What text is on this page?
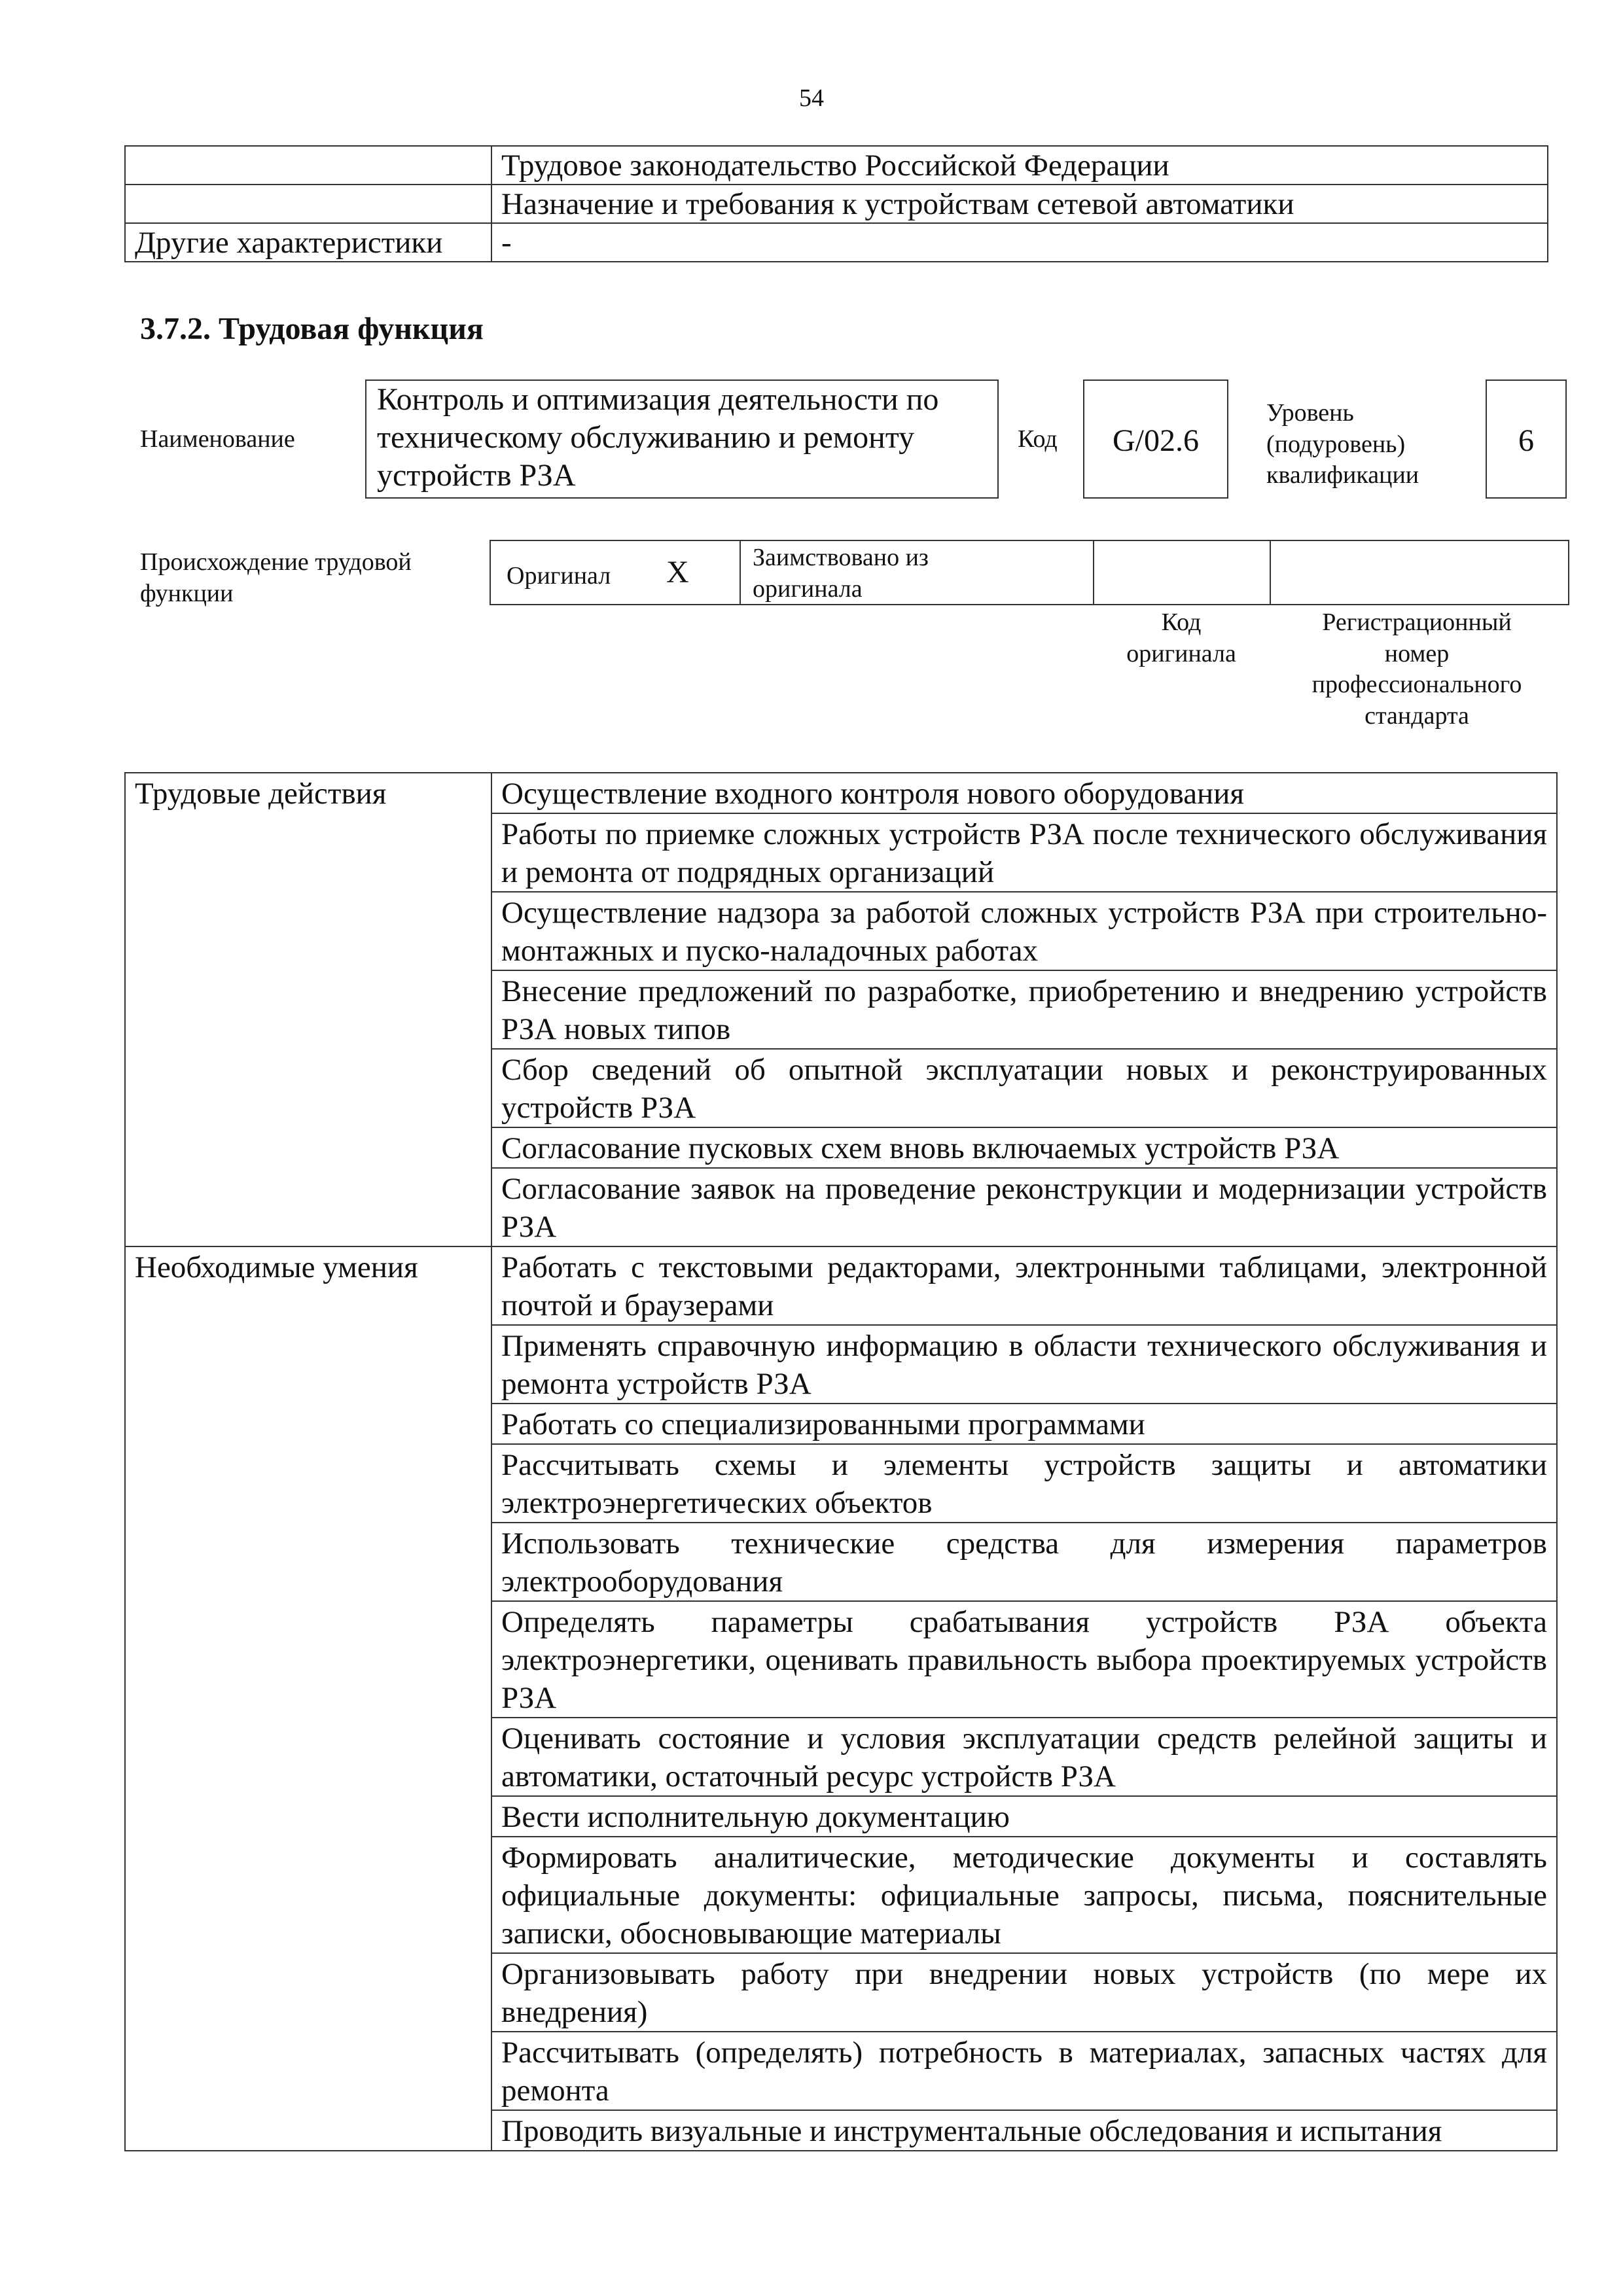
54
	Трудовое законодательство Российской Федерации
	Назначение и требования к устройствам сетевой автоматики
Другие характеристики	-
3.7.2. Трудовая функция
Наименование
Контроль и оптимизация деятельности по
техническому обслуживанию и ремонту
устройств РЗА
Код	G/02.6
Уровень
(подуровень)
квалификации
6
Происхождение трудовой
функции
Оригинал X	Заимствовано из
оригинала
Код
оригинала
Регистрационный
номер
профессионального
стандарта
Трудовые действия	Осуществление входного контроля нового оборудования
	Работы по приемке сложных устройств РЗА после технического обслуживания и ремонта от подрядных организаций
	Осуществление надзора за работой сложных устройств РЗА при строительно-монтажных и пуско-наладочных работах
	Внесение предложений по разработке, приобретению и внедрению устройств РЗА новых типов
	Сбор сведений об опытной эксплуатации новых и реконструированных устройств РЗА
	Согласование пусковых схем вновь включаемых устройств РЗА
	Согласование заявок на проведение реконструкции и модернизации устройств РЗА
Необходимые умения	Работать с текстовыми редакторами, электронными таблицами, электронной почтой и браузерами
	Применять справочную информацию в области технического обслуживания и ремонта устройств РЗА
	Работать со специализированными программами
	Рассчитывать схемы и элементы устройств защиты и автоматики электроэнергетических объектов
	Использовать технические средства для измерения параметров электрооборудования
	Определять параметры срабатывания устройств РЗА объекта электроэнергетики, оценивать правильность выбора проектируемых устройств РЗА
	Оценивать состояние и условия эксплуатации средств релейной защиты и автоматики, остаточный ресурс устройств РЗА
	Вести исполнительную документацию
	Формировать аналитические, методические документы и составлять официальные документы: официальные запросы, письма, пояснительные записки, обосновывающие материалы
	Организовывать работу при внедрении новых устройств (по мере их внедрения)
	Рассчитывать (определять) потребность в материалах, запасных частях для ремонта
	Проводить визуальные и инструментальные обследования и испытания
